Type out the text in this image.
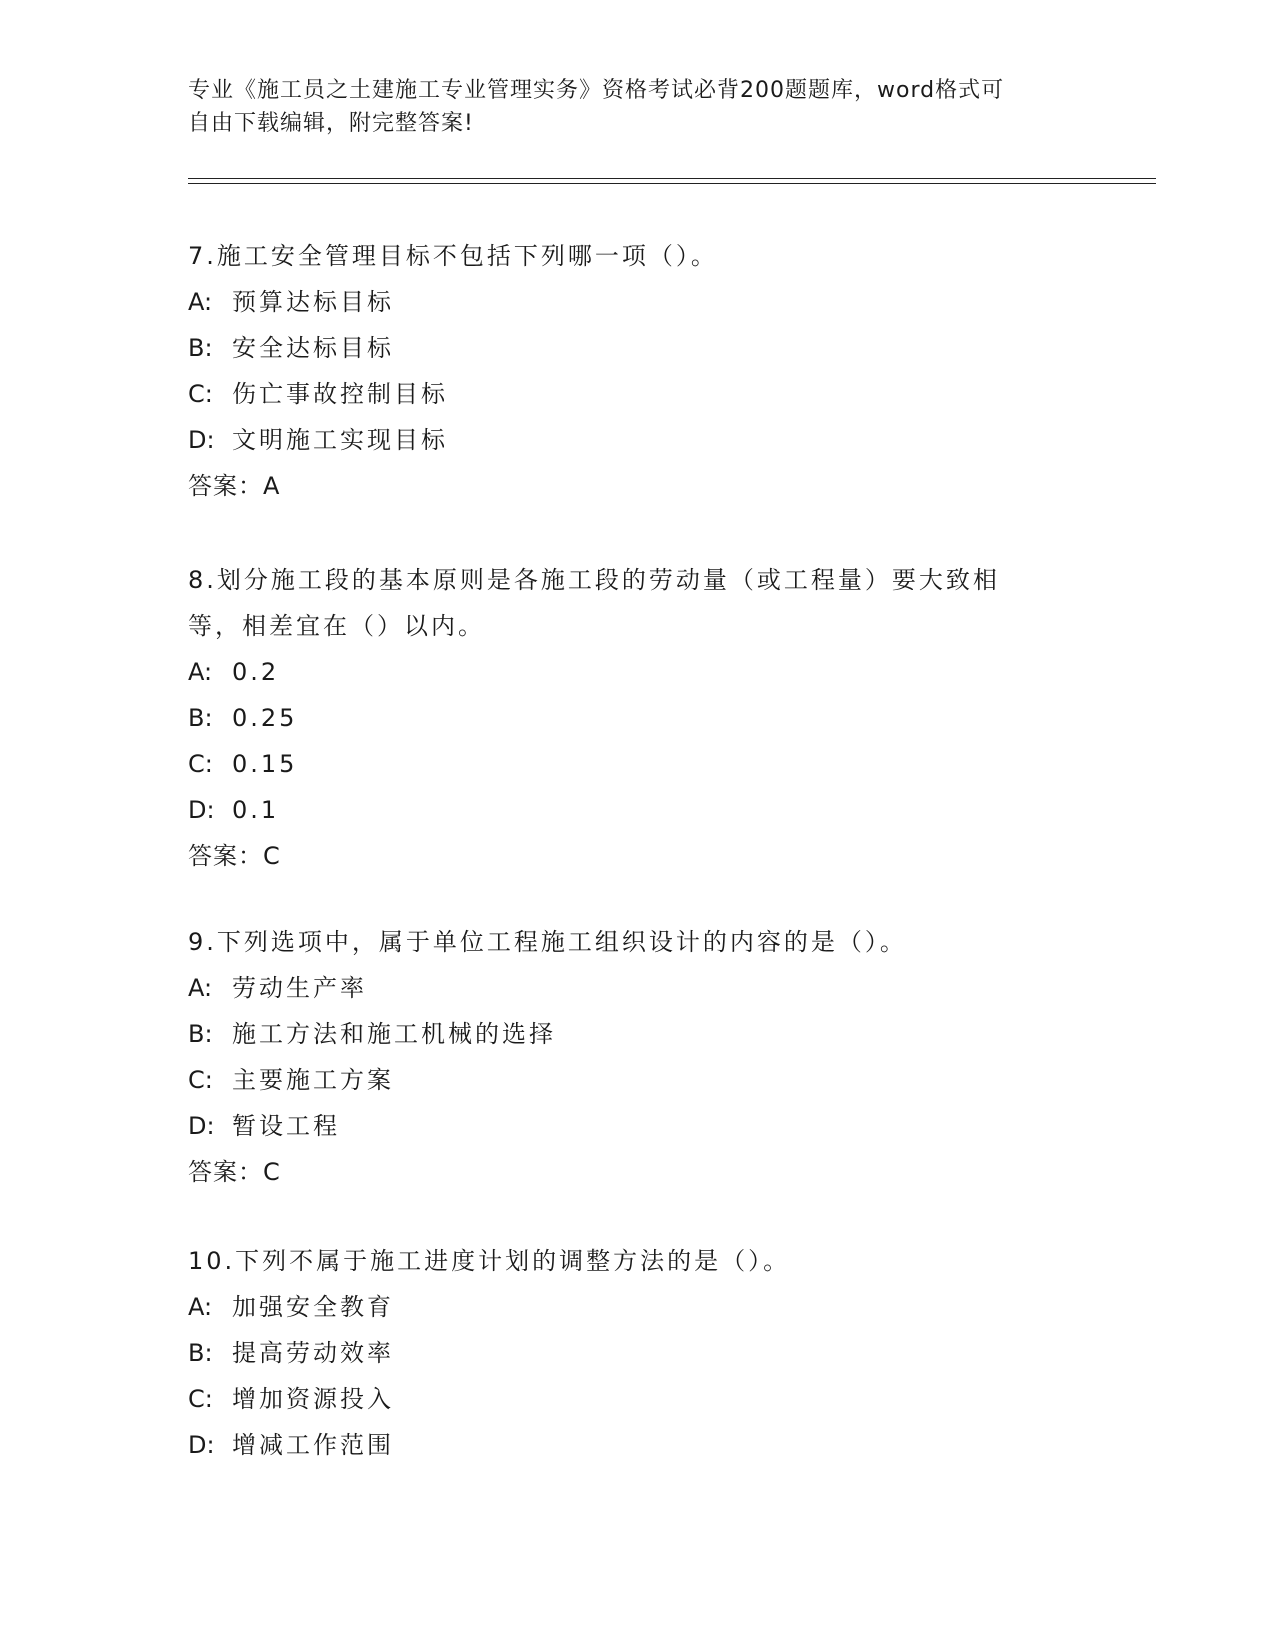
专业《施工员之土建施工专业管理实务》资格考试必背200题题库，word格式可
自由下载编辑，附完整答案!

7.施工安全管理目标不包括下列哪一项（）。

A: 预算达标目标

B: 安全达标目标

C: 伤亡事故控制目标

D: 文明施工实现目标

答案：A

8.划分施工段的基本原则是各施工段的劳动量（或工程量）要大致相

等，相差宜在（）以内。

A: 0.2

B: 0.25

C: 0.15

D: 0.1

答案：C

9.下列选项中，属于单位工程施工组织设计的内容的是（）。

A: 劳动生产率

B: 施工方法和施工机械的选择

C: 主要施工方案

D: 暂设工程

答案：C

10.下列不属于施工进度计划的调整方法的是（）。

A: 加强安全教育

B: 提高劳动效率

C: 增加资源投入

D: 增减工作范围
